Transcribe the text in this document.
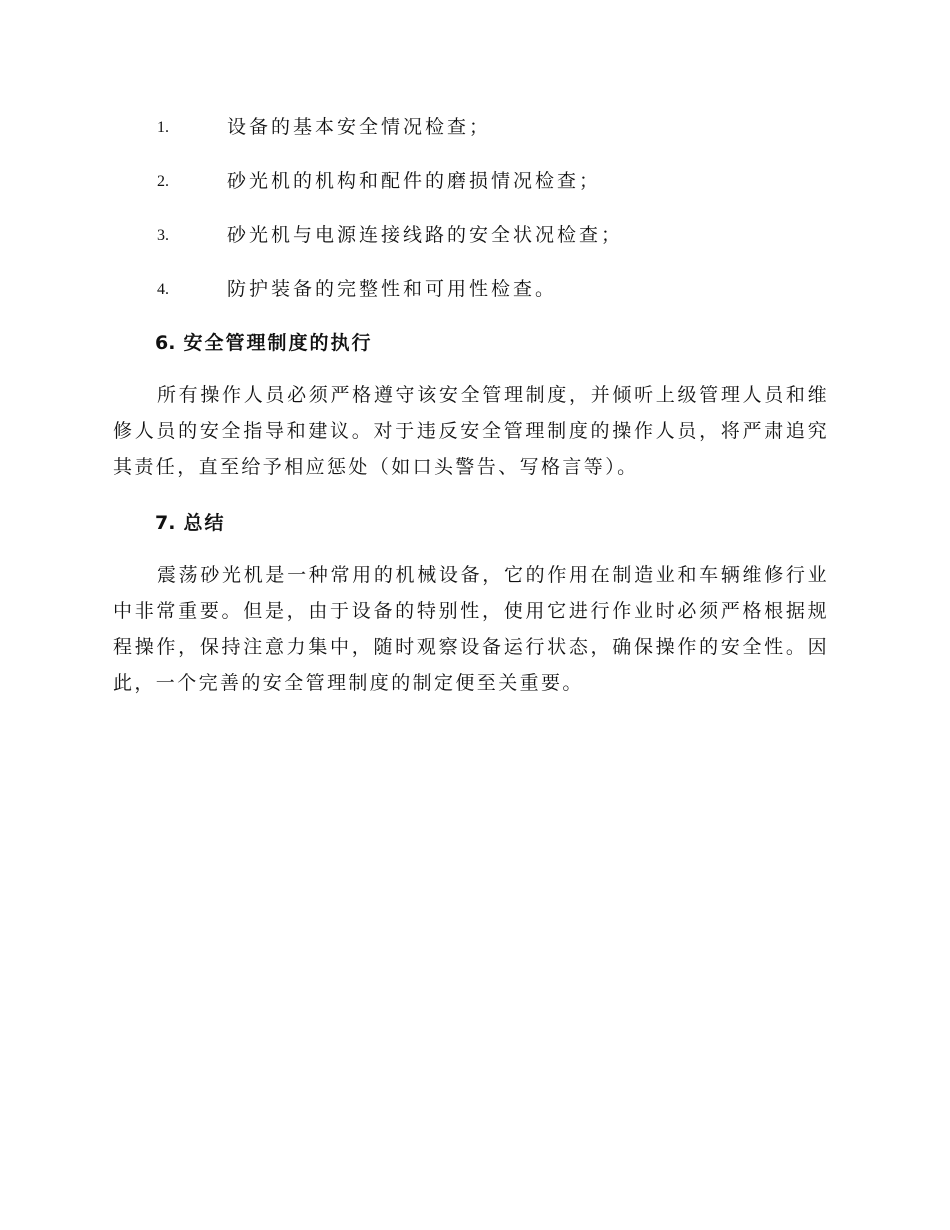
1.	设备的基本安全情况检查；
2.	砂光机的机构和配件的磨损情况检查；
3.	砂光机与电源连接线路的安全状况检查；
4.	防护装备的完整性和可用性检查。
6. 安全管理制度的执行

所有操作人员必须严格遵守该安全管理制度，并倾听上级管理人员和维修人员的安全指导和建议。对于违反安全管理制度的操作人员，将严肃追究其责任，直至给予相应惩处（如口头警告、写格言等）。

7. 总结

震荡砂光机是一种常用的机械设备，它的作用在制造业和车辆维修行业中非常重要。但是，由于设备的特别性，使用它进行作业时必须严格根据规程操作，保持注意力集中，随时观察设备运行状态，确保操作的安全性。因此，一个完善的安全管理制度的制定便至关重要。
